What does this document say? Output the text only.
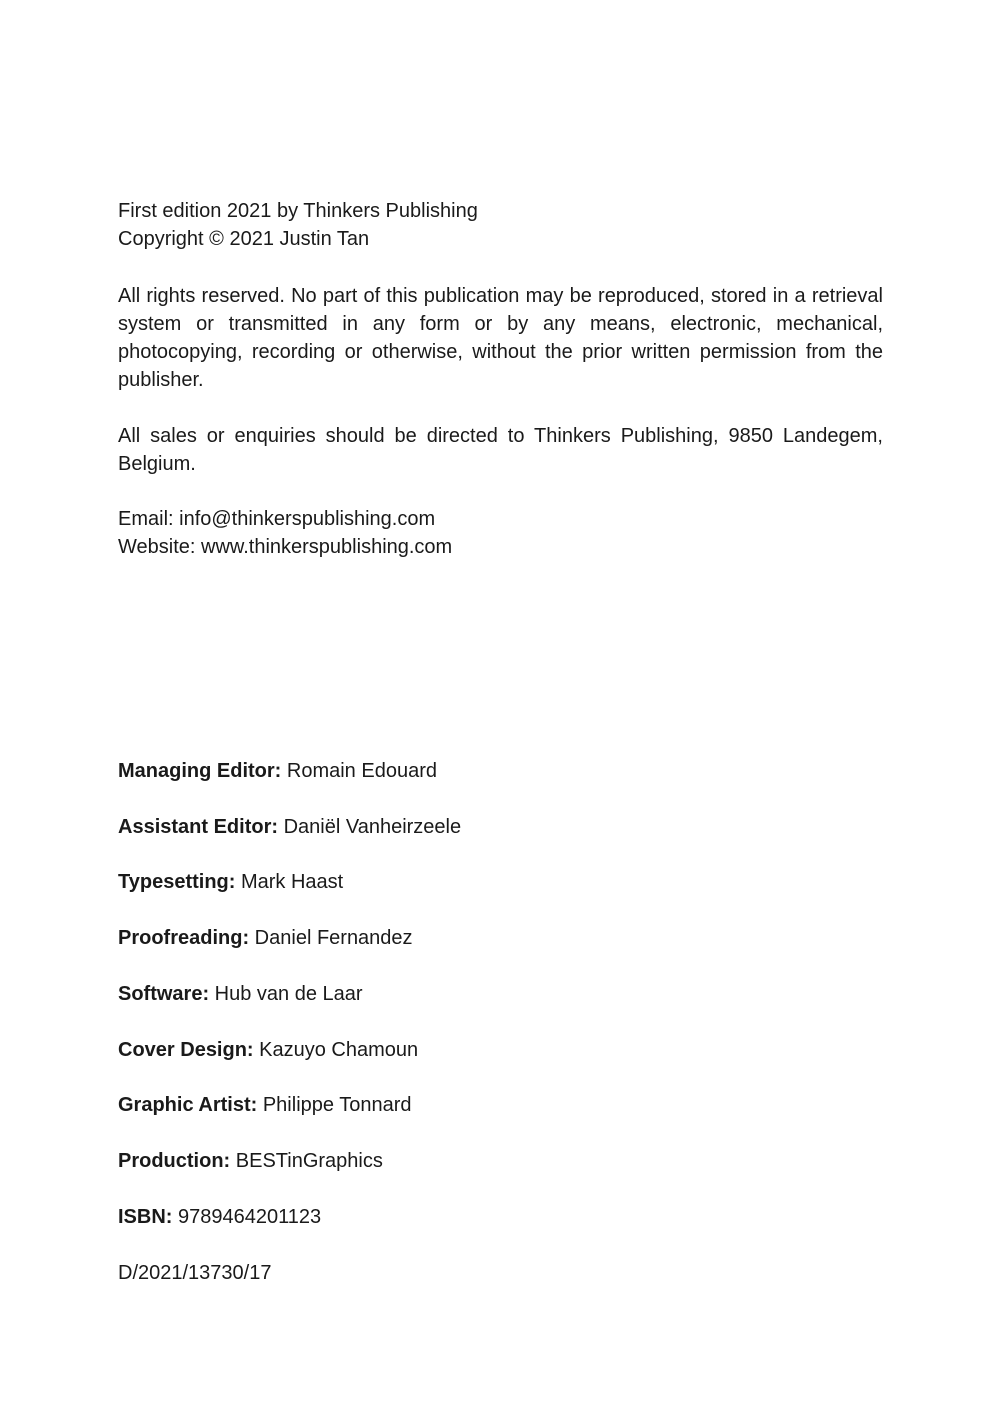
First edition 2021 by Thinkers Publishing
Copyright © 2021 Justin Tan
All rights reserved. No part of this publication may be reproduced, stored in a retrieval system or transmitted in any form or by any means, electronic, mechanical, photocopying, recording or otherwise, without the prior written permission from the publisher.
All sales or enquiries should be directed to Thinkers Publishing, 9850 Landegem, Belgium.
Email: info@thinkerspublishing.com
Website: www.thinkerspublishing.com
Managing Editor: Romain Edouard
Assistant Editor: Daniël Vanheirzeele
Typesetting: Mark Haast
Proofreading: Daniel Fernandez
Software: Hub van de Laar
Cover Design: Kazuyo Chamoun
Graphic Artist: Philippe Tonnard
Production: BESTinGraphics
ISBN: 9789464201123
D/2021/13730/17
